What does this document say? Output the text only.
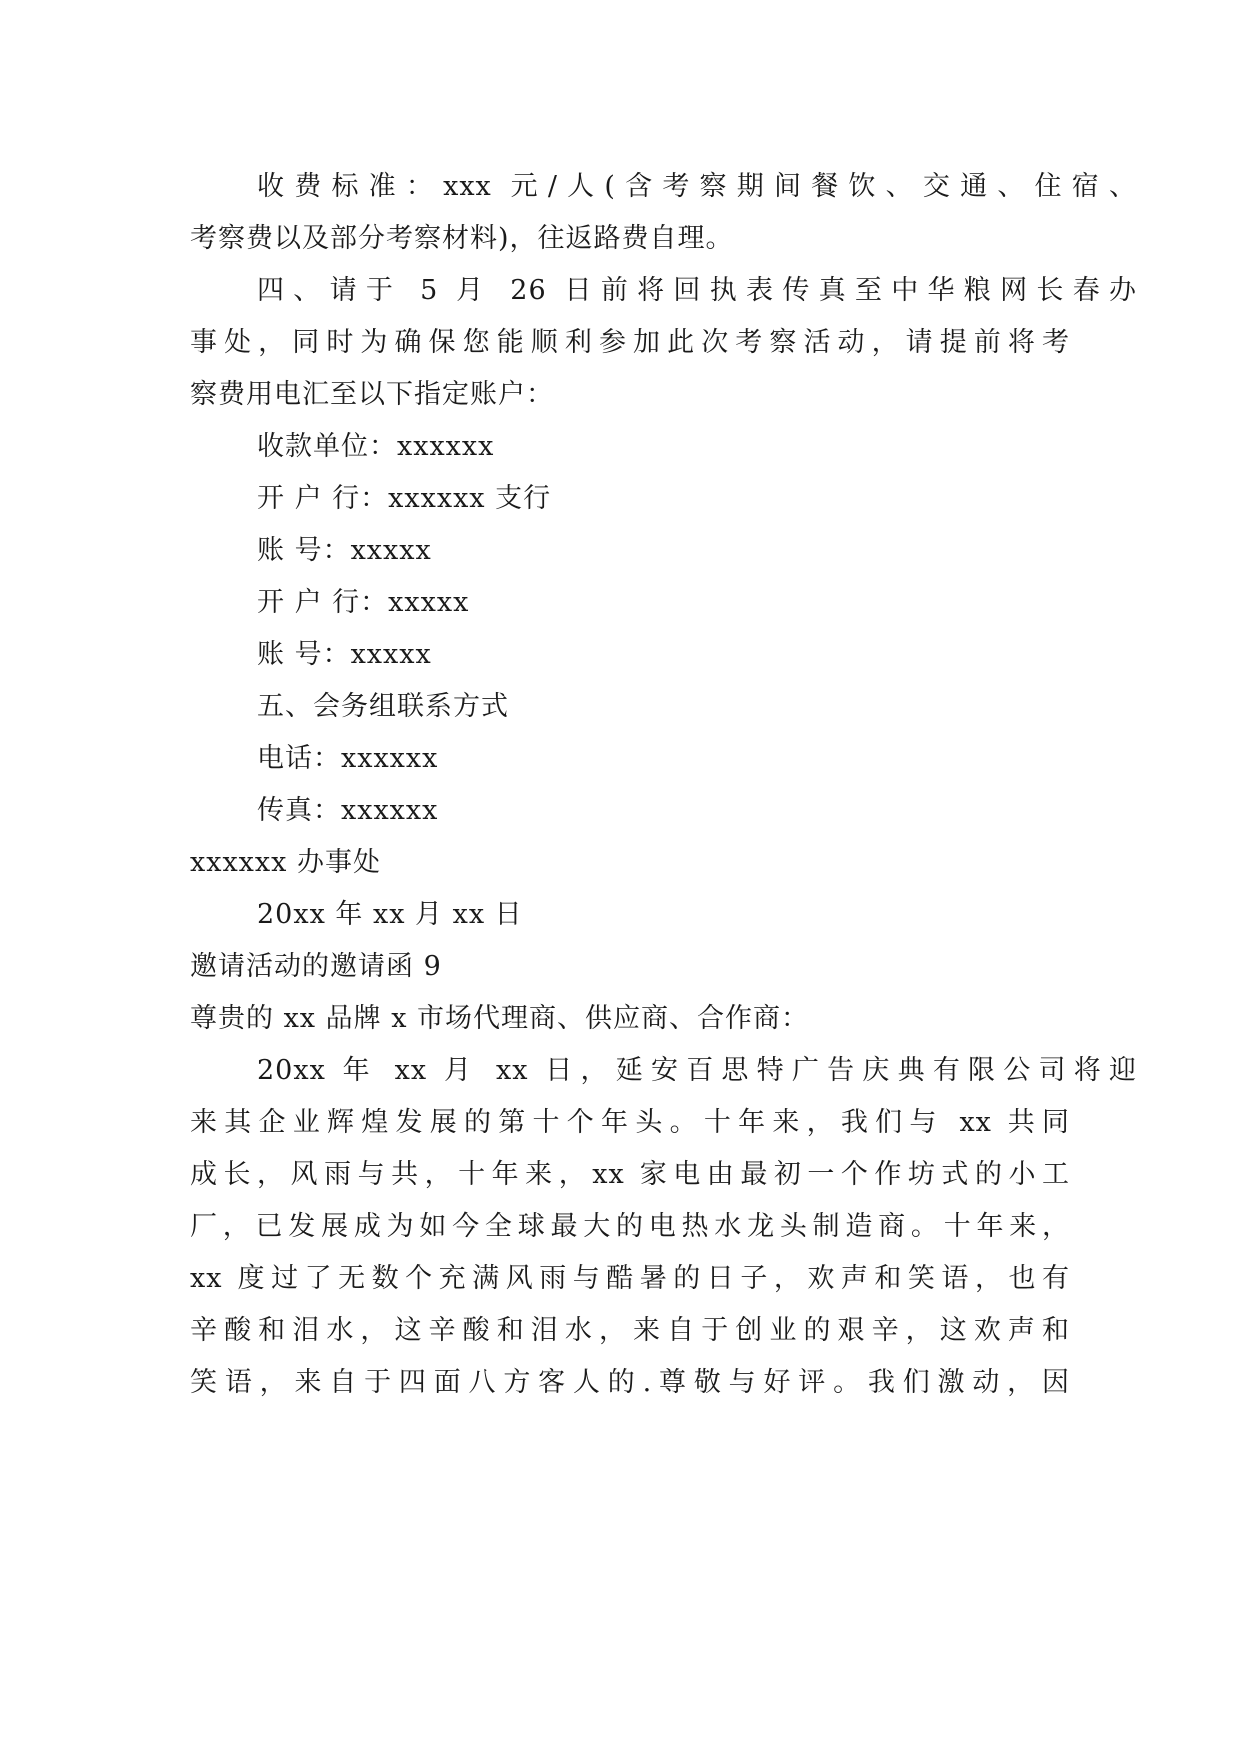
收费标准：xxx 元/人(含考察期间餐饮、交通、住宿、
考察费以及部分考察材料)，往返路费自理。
四、请于 5 月 26 日前将回执表传真至中华粮网长春办
事处，同时为确保您能顺利参加此次考察活动，请提前将考
察费用电汇至以下指定账户：
收款单位：xxxxxx
开 户 行：xxxxxx 支行
账 号：xxxxx
开 户 行：xxxxx
账 号：xxxxx
五、会务组联系方式
电话：xxxxxx
传真：xxxxxx
xxxxxx 办事处
20xx 年 xx 月 xx 日
邀请活动的邀请函 9
尊贵的 xx 品牌 x 市场代理商、供应商、合作商：
20xx 年 xx 月 xx 日，延安百思特广告庆典有限公司将迎
来其企业辉煌发展的第十个年头。十年来，我们与 xx 共同
成长，风雨与共，十年来，xx 家电由最初一个作坊式的小工
厂，已发展成为如今全球最大的电热水龙头制造商。十年来，
xx 度过了无数个充满风雨与酷暑的日子，欢声和笑语，也有
辛酸和泪水，这辛酸和泪水，来自于创业的艰辛，这欢声和
笑语，来自于四面八方客人的.尊敬与好评。我们激动，因
